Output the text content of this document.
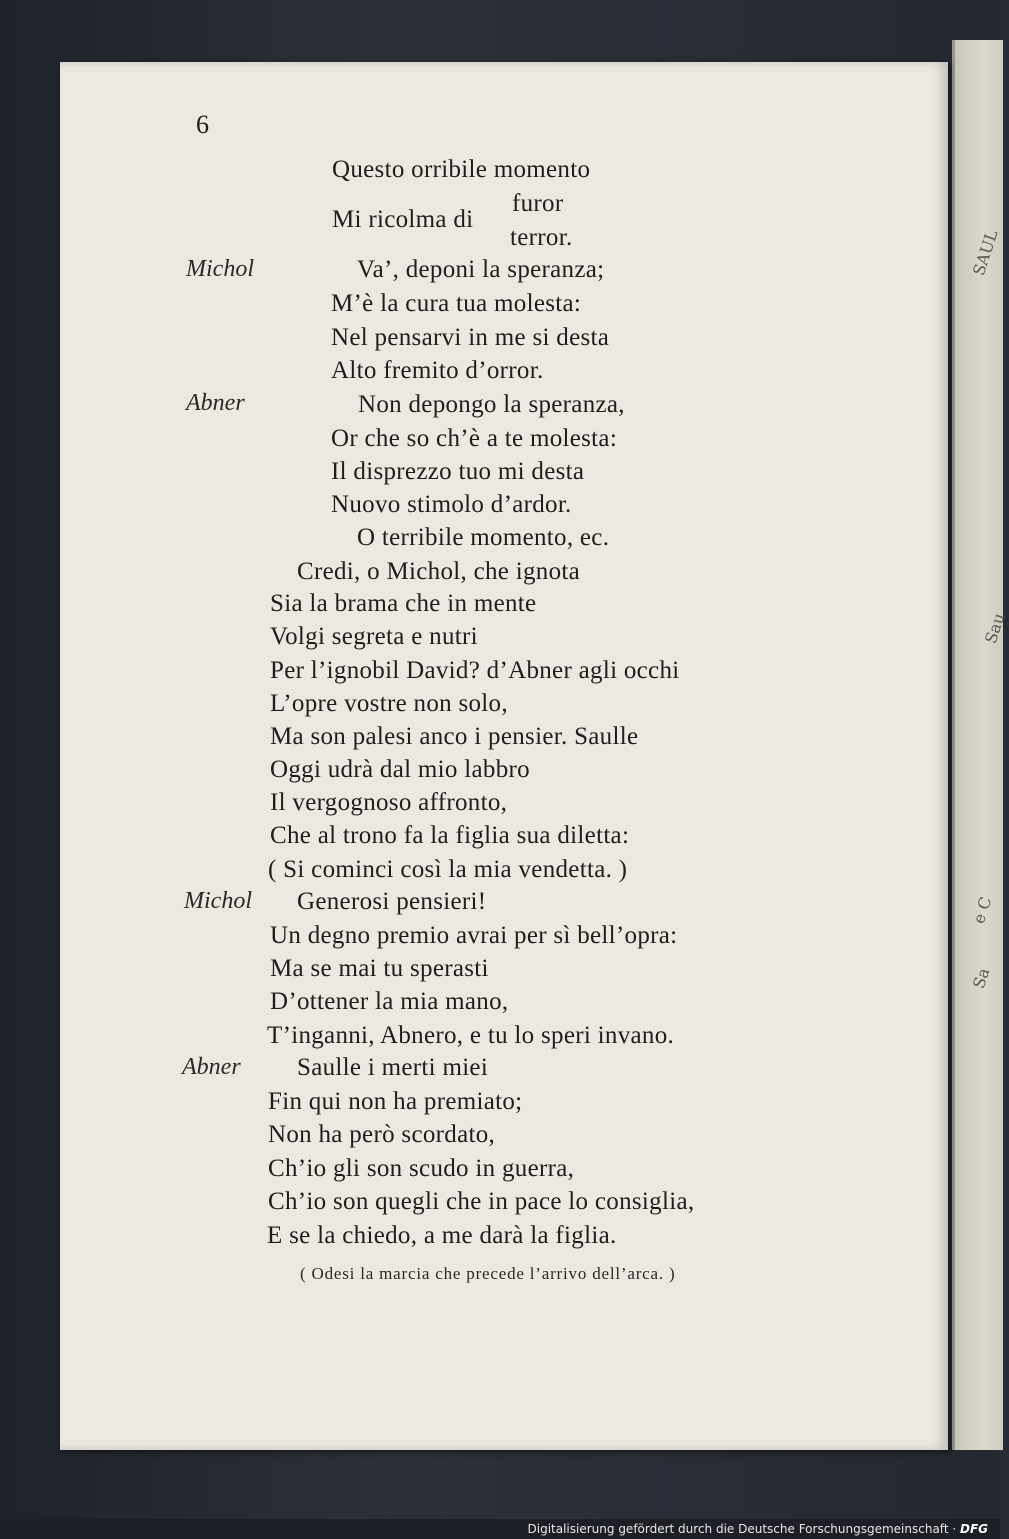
SAUL
Sau
e C
Sa
6
Questo orribile momento
Mi ricolma di
furor
terror.
Michol	Va’, deponi la speranza;
M’è la cura tua molesta:
Nel pensarvi in me si desta
Alto fremito d’orror.
Abner	Non depongo la speranza,
Or che so ch’è a te molesta:
Il disprezzo tuo mi desta
Nuovo stimolo d’ardor.
O terribile momento, ec.
Credi, o Michol, che ignota
Sia la brama che in mente
Volgi segreta e nutri
Per l’ignobil David? d’Abner agli occhi
L’opre vostre non solo,
Ma son palesi anco i pensier. Saulle
Oggi udrà dal mio labbro
Il vergognoso affronto,
Che al trono fa la figlia sua diletta:
( Si cominci così la mia vendetta. )
Michol Generosi pensieri!
Un degno premio avrai per sì bell’opra:
Ma se mai tu sperasti
D’ottener la mia mano,
T’inganni, Abnero, e tu lo speri invano.
Abner Saulle i merti miei
Fin qui non ha premiato;
Non ha però scordato,
Ch’io gli son scudo in guerra,
Ch’io son quegli che in pace lo consiglia,
E se la chiedo, a me darà la figlia.
( Odesi la marcia che precede l’arrivo dell’arca. )
Digitalisierung gefördert durch die Deutsche Forschungsgemeinschaft · DFG
